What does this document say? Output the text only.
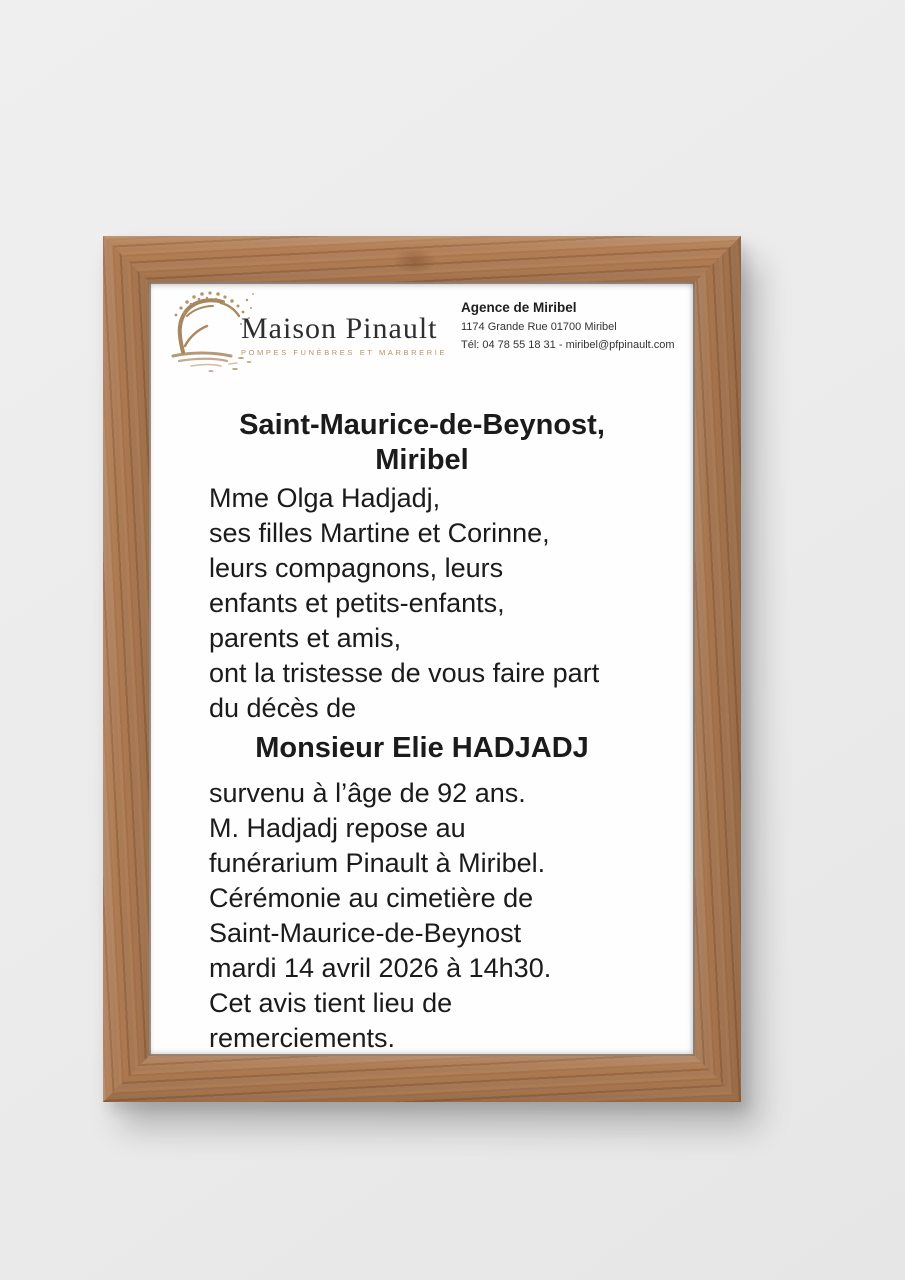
Maison Pinault
POMPES FUNÈBRES ET MARBRERIE
Agence de Miribel
1174 Grande Rue 01700 Miribel
Tél: 04 78 55 18 31 - miribel@pfpinault.com
Saint-Maurice-de-Beynost,
Miribel
Mme Olga Hadjadj,
ses filles Martine et Corinne,
leurs compagnons, leurs
enfants et petits-enfants,
parents et amis,
ont la tristesse de vous faire part
du décès de
Monsieur Elie HADJADJ
survenu à l’âge de 92 ans.
M. Hadjadj repose au
funérarium Pinault à Miribel.
Cérémonie au cimetière de
Saint-Maurice-de-Beynost
mardi 14 avril 2026 à 14h30.
Cet avis tient lieu de
remerciements.
